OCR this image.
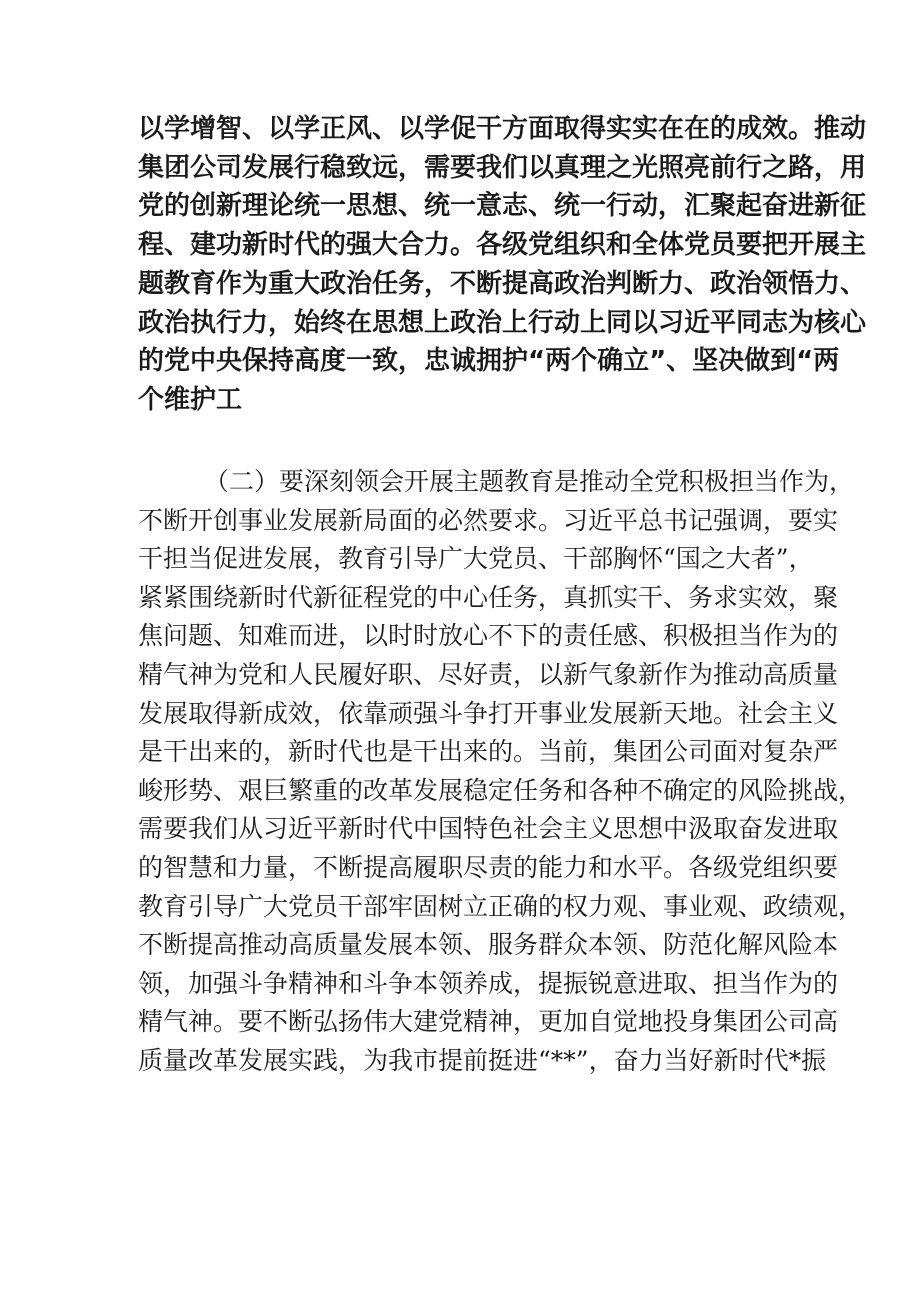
以学增智、以学正风、以学促干方面取得实实在在的成效。推动
集团公司发展行稳致远，需要我们以真理之光照亮前行之路，用
党的创新理论统一思想、统一意志、统一行动，汇聚起奋进新征
程、建功新时代的强大合力。各级党组织和全体党员要把开展主
题教育作为重大政治任务，不断提高政治判断力、政治领悟力、
政治执行力，始终在思想上政治上行动上同以习近平同志为核心
的党中央保持高度一致，忠诚拥护“两个确立”、坚决做到“两
个维护工
（二）要深刻领会开展主题教育是推动全党积极担当作为，
不断开创事业发展新局面的必然要求。习近平总书记强调，要实
干担当促进发展，教育引导广大党员、干部胸怀“国之大者”，
紧紧围绕新时代新征程党的中心任务，真抓实干、务求实效，聚
焦问题、知难而进，以时时放心不下的责任感、积极担当作为的
精气神为党和人民履好职、尽好责，以新气象新作为推动高质量
发展取得新成效，依靠顽强斗争打开事业发展新天地。社会主义
是干出来的，新时代也是干出来的。当前，集团公司面对复杂严
峻形势、艰巨繁重的改革发展稳定任务和各种不确定的风险挑战，
需要我们从习近平新时代中国特色社会主义思想中汲取奋发进取
的智慧和力量，不断提高履职尽责的能力和水平。各级党组织要
教育引导广大党员干部牢固树立正确的权力观、事业观、政绩观，
不断提高推动高质量发展本领、服务群众本领、防范化解风险本
领，加强斗争精神和斗争本领养成，提振锐意进取、担当作为的
精气神。要不断弘扬伟大建党精神，更加自觉地投身集团公司高
质量改革发展实践，为我市提前挺进“**”，奋力当好新时代*振
